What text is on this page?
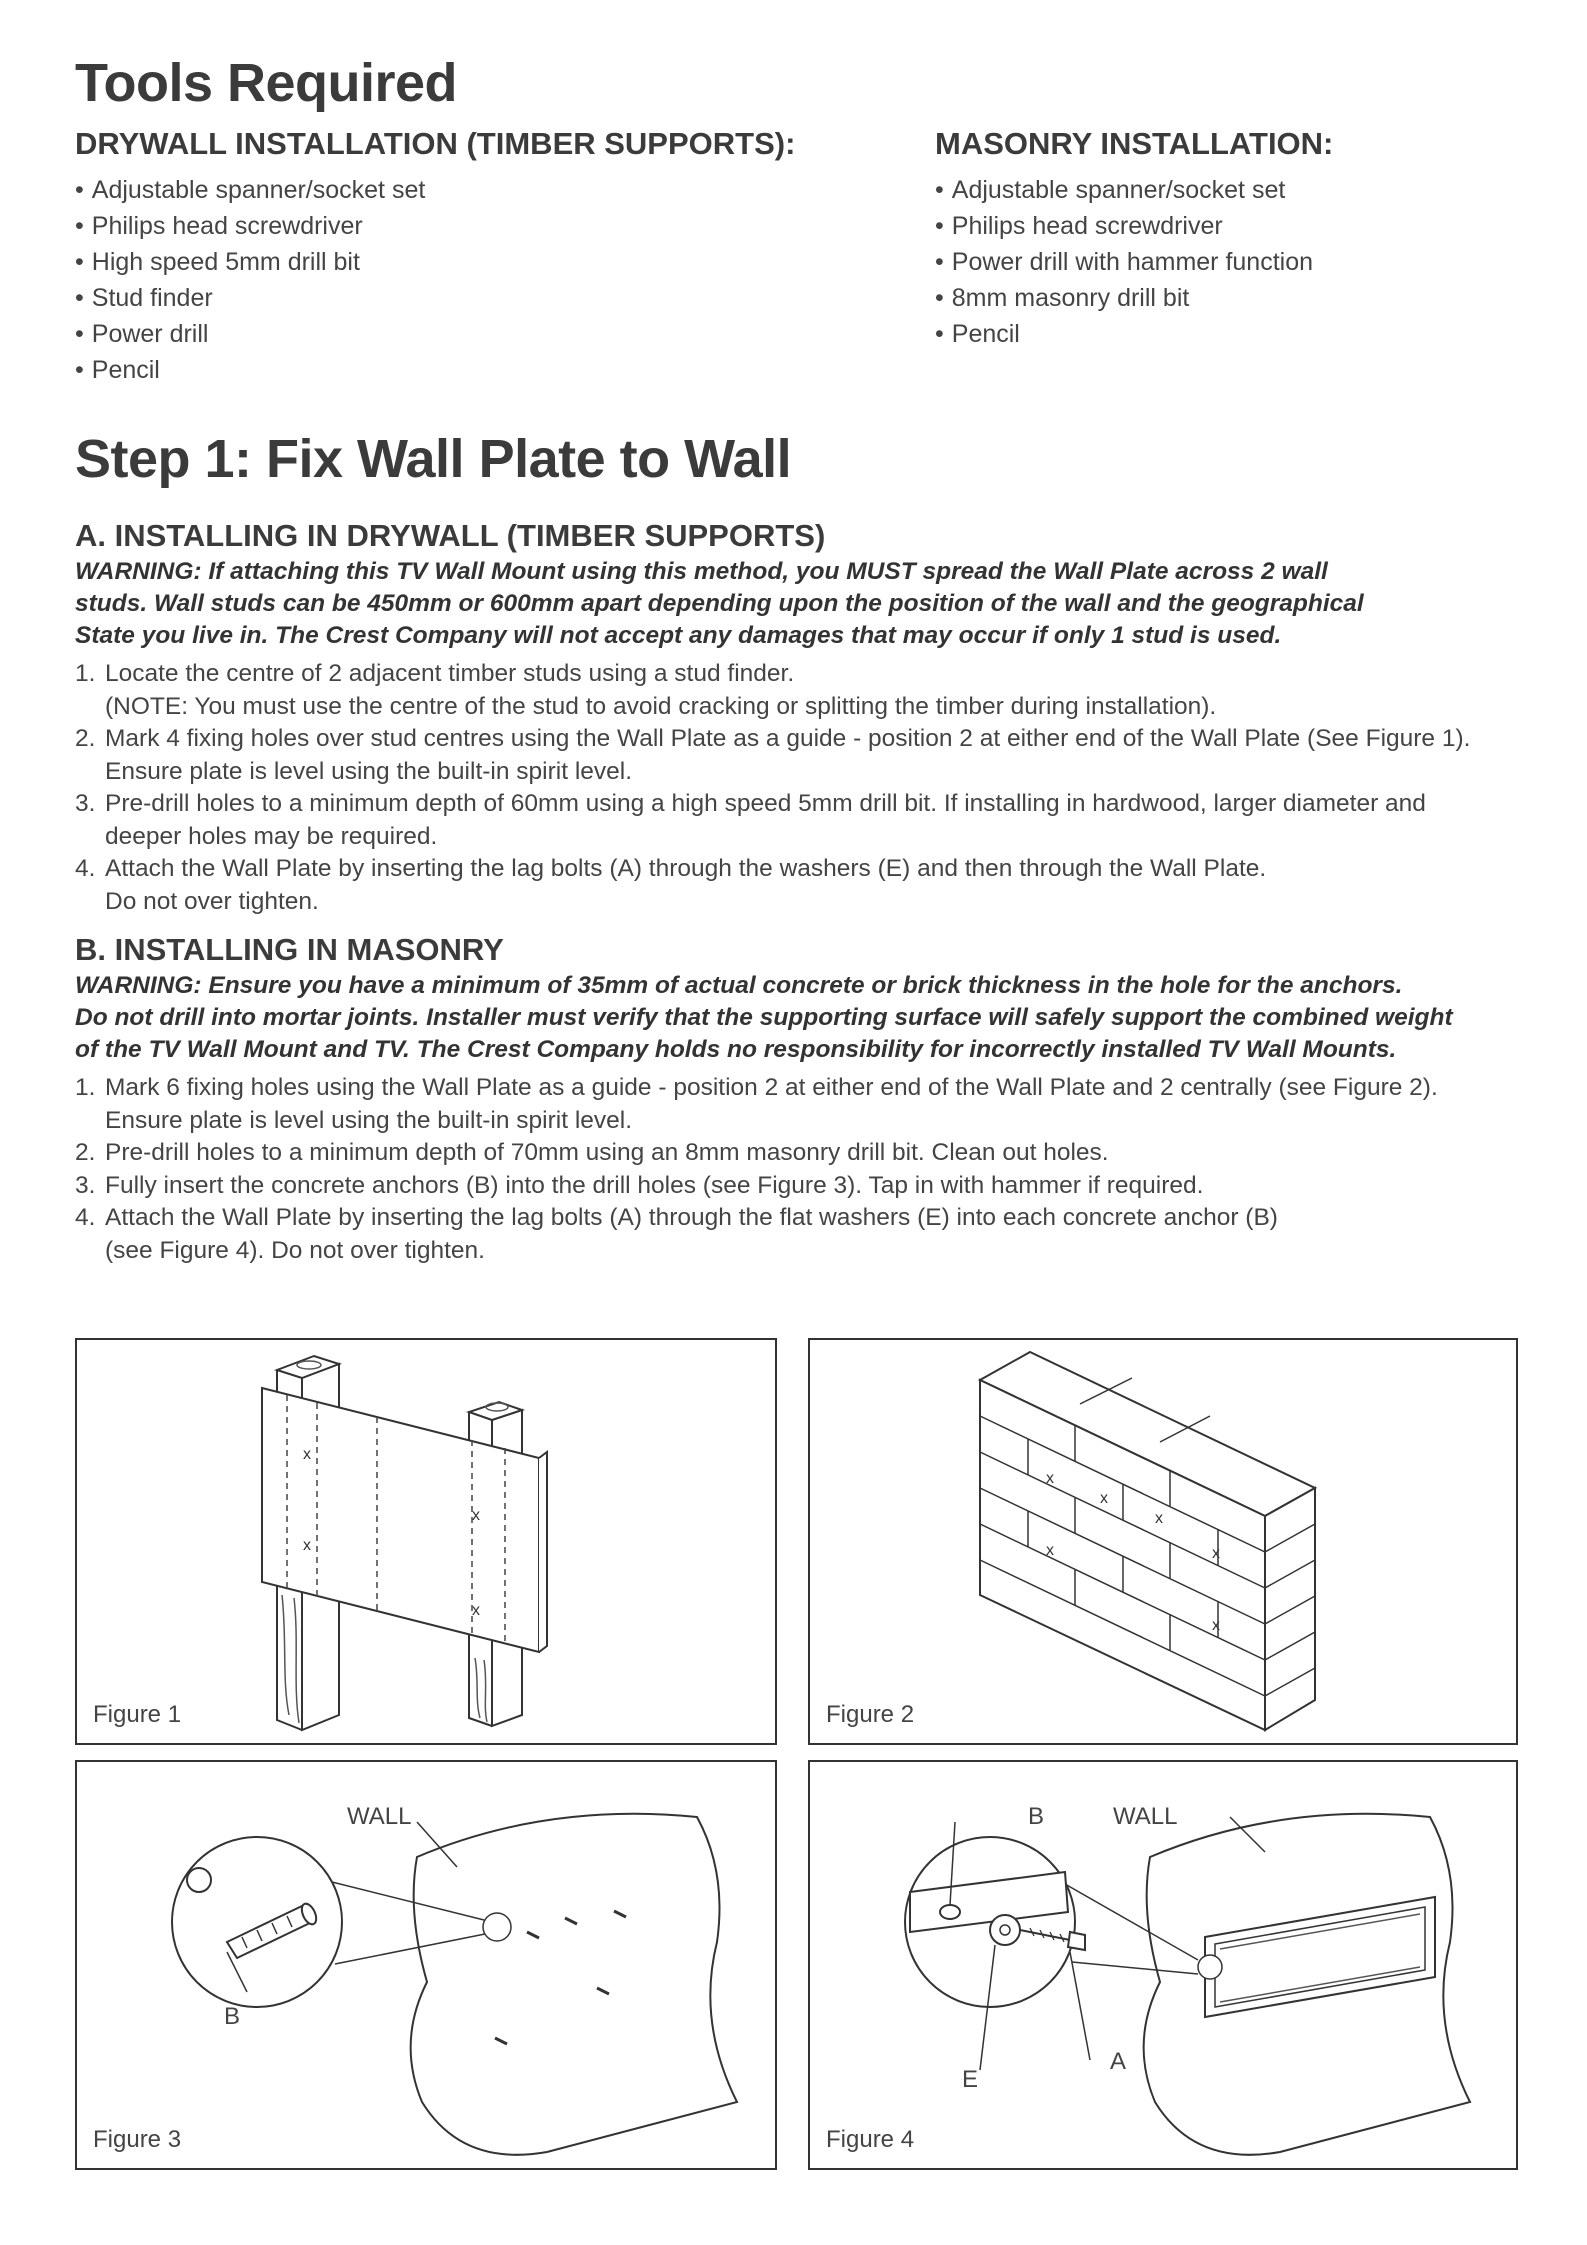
Tools Required
DRYWALL INSTALLATION (TIMBER SUPPORTS):
• Adjustable spanner/socket set
• Philips head screwdriver
• High speed 5mm drill bit
• Stud finder
• Power drill
• Pencil
MASONRY INSTALLATION:
• Adjustable spanner/socket set
• Philips head screwdriver
• Power drill with hammer function
• 8mm masonry drill bit
• Pencil
Step 1: Fix Wall Plate to Wall
A. INSTALLING IN DRYWALL (TIMBER SUPPORTS)
WARNING: If attaching this TV Wall Mount using this method, you MUST spread the Wall Plate across 2 wall
studs. Wall studs can be 450mm or 600mm apart depending upon the position of the wall and the geographical
State you live in. The Crest Company will not accept any damages that may occur if only 1 stud is used.
1. Locate the centre of 2 adjacent timber studs using a stud finder.
(NOTE: You must use the centre of the stud to avoid cracking or splitting the timber during installation).
2. Mark 4 fixing holes over stud centres using the Wall Plate as a guide - position 2 at either end of the Wall Plate (See Figure 1).
Ensure plate is level using the built-in spirit level.
3. Pre-drill holes to a minimum depth of 60mm using a high speed 5mm drill bit. If installing in hardwood, larger diameter and
deeper holes may be required.
4. Attach the Wall Plate by inserting the lag bolts (A) through the washers (E) and then through the Wall Plate.
Do not over tighten.
B. INSTALLING IN MASONRY
WARNING: Ensure you have a minimum of 35mm of actual concrete or brick thickness in the hole for the anchors.
Do not drill into mortar joints. Installer must verify that the supporting surface will safely support the combined weight
of the TV Wall Mount and TV. The Crest Company holds no responsibility for incorrectly installed TV Wall Mounts.
1. Mark 6 fixing holes using the Wall Plate as a guide - position 2 at either end of the Wall Plate and 2 centrally (see Figure 2).
Ensure plate is level using the built-in spirit level.
2. Pre-drill holes to a minimum depth of 70mm using an 8mm masonry drill bit. Clean out holes.
3. Fully insert the concrete anchors (B) into the drill holes (see Figure 3). Tap in with hammer if required.
4. Attach the Wall Plate by inserting the lag bolts (A) through the flat washers (E) into each concrete anchor (B)
(see Figure 4). Do not over tighten.
x
x
x
x
Figure 1
x
x
x
x	x
x
Figure 2
WALL
B
Figure 3
WALL
B
E
A
Figure 4
